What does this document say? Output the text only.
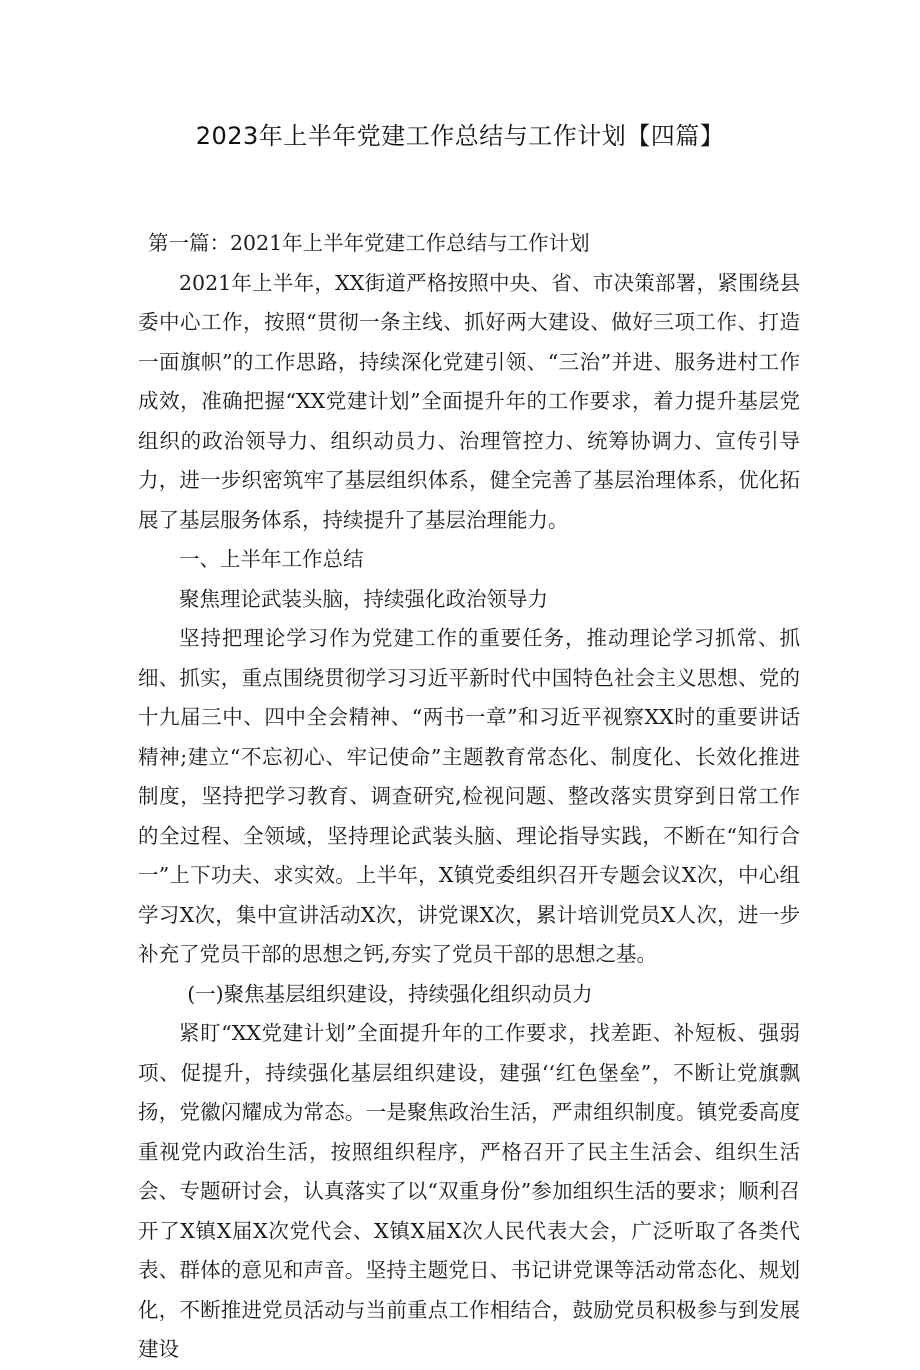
2023年上半年党建工作总结与工作计划【四篇】

第一篇：2021年上半年党建工作总结与工作计划

2021年上半年，XX街道严格按照中央、省、市决策部署，紧围绕县委中心工作，按照“贯彻一条主线、抓好两大建设、做好三项工作、打造一面旗帜”的工作思路，持续深化党建引领、“三治”并进、服务进村工作成效，准确把握“XX党建计划”全面提升年的工作要求，着力提升基层党组织的政治领导力、组织动员力、治理管控力、统筹协调力、宣传引导力，进一步织密筑牢了基层组织体系，健全完善了基层治理体系，优化拓展了基层服务体系，持续提升了基层治理能力。

一、上半年工作总结

聚焦理论武装头脑，持续强化政治领导力

坚持把理论学习作为党建工作的重要任务，推动理论学习抓常、抓细、抓实，重点围绕贯彻学习习近平新时代中国特色社会主义思想、党的十九届三中、四中全会精神、“两书一章”和习近平视察XX时的重要讲话精神;建立“不忘初心、牢记使命”主题教育常态化、制度化、长效化推进制度，坚持把学习教育、调查研究,检视问题、整改落实贯穿到日常工作的全过程、全领域，坚持理论武装头脑、理论指导实践，不断在“知行合一”上下功夫、求实效。上半年，X镇党委组织召开专题会议X次，中心组学习X次，集中宣讲活动X次，讲党课X次，累计培训党员X人次，进一步补充了党员干部的思想之钙,夯实了党员干部的思想之基。

(一)聚焦基层组织建设，持续强化组织动员力

紧盯“XX党建计划”全面提升年的工作要求，找差距、补短板、强弱项、促提升，持续强化基层组织建设，建强‘‘红色堡垒”，不断让党旗飘扬，党徽闪耀成为常态。一是聚焦政治生活，严肃组织制度。镇党委高度重视党内政治生活，按照组织程序，严格召开了民主生活会、组织生活会、专题研讨会，认真落实了以“双重身份”参加组织生活的要求；顺利召开了X镇X届X次党代会、X镇X届X次人民代表大会，广泛听取了各类代表、群体的意见和声音。坚持主题党日、书记讲党课等活动常态化、规划化，不断推进党员活动与当前重点工作相结合，鼓励党员积极参与到发展建设
